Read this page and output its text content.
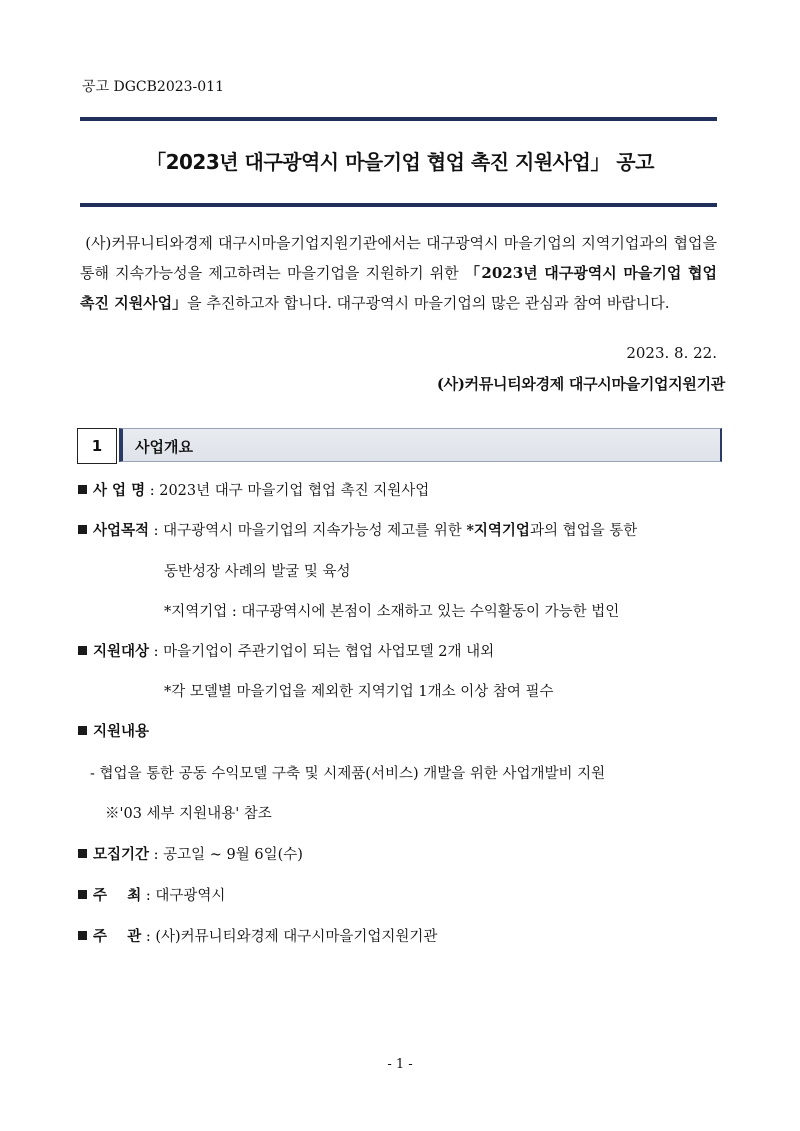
공고 DGCB2023-011
「2023년 대구광역시 마을기업 협업 촉진 지원사업」 공고
(사)커뮤니티와경제 대구시마을기업지원기관에서는 대구광역시 마을기업의 지역기업과의 협업을 통해 지속가능성을 제고하려는 마을기업을 지원하기 위한 「2023년 대구광역시 마을기업 협업 촉진 지원사업」을 추진하고자 합니다. 대구광역시 마을기업의 많은 관심과 참여 바랍니다.
2023. 8. 22.
(사)커뮤니티와경제 대구시마을기업지원기관
1	사업개요
사 업 명 : 2023년 대구 마을기업 협업 촉진 지원사업
사업목적 : 대구광역시 마을기업의 지속가능성 제고를 위한 *지역기업과의 협업을 통한
동반성장 사례의 발굴 및 육성
*지역기업 : 대구광역시에 본점이 소재하고 있는 수익활동이 가능한 법인
지원대상 : 마을기업이 주관기업이 되는 협업 사업모델 2개 내외
*각 모델별 마을기업을 제외한 지역기업 1개소 이상 참여 필수
지원내용
- 협업을 통한 공동 수익모델 구축 및 시제품(서비스) 개발을 위한 사업개발비 지원
※'03 세부 지원내용' 참조
모집기간 : 공고일 ~ 9월 6일(수)
주    최 : 대구광역시
주    관 : (사)커뮤니티와경제 대구시마을기업지원기관
- 1 -
